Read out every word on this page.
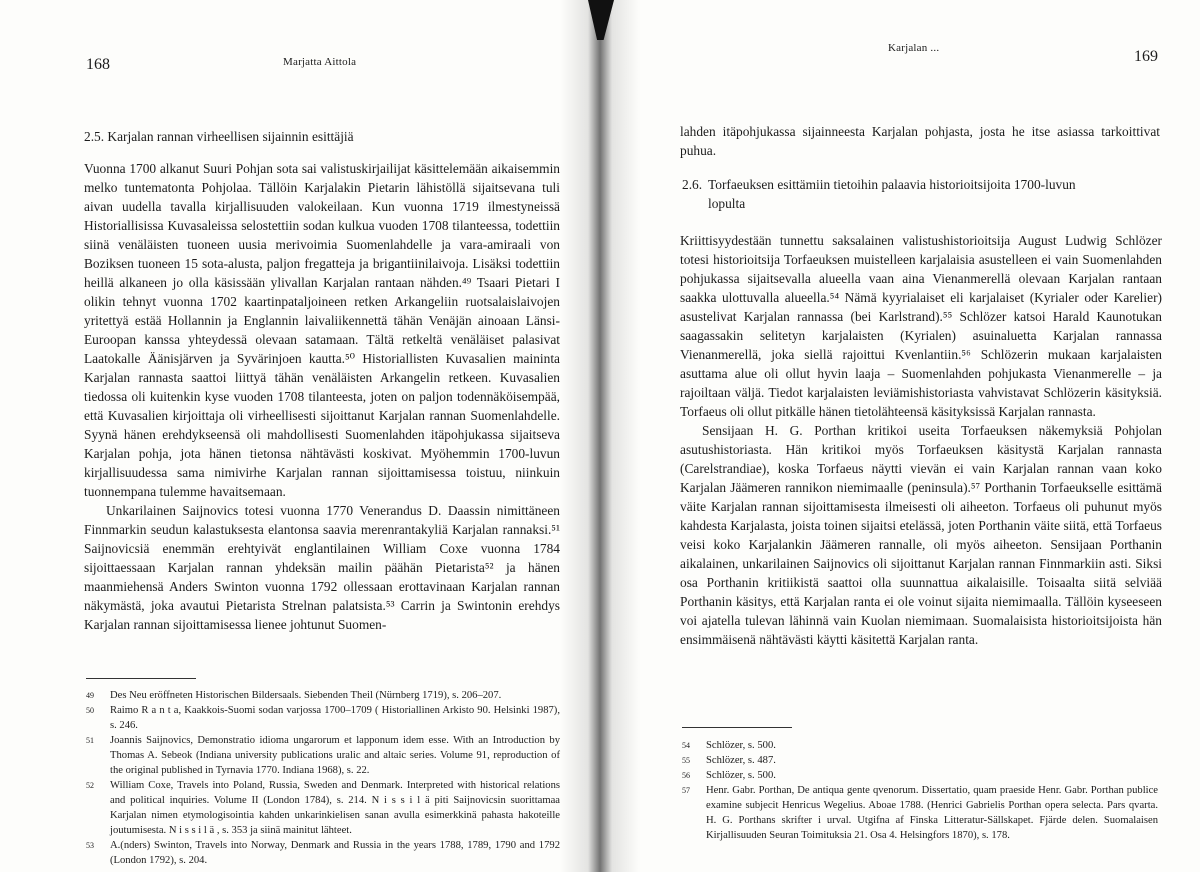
168	Marjatta Aittola
2.5. Karjalan rannan virheellisen sijainnin esittäjiä

Vuonna 1700 alkanut Suuri Pohjan sota sai valistuskirjailijat käsittelemään aikaisemmin melko tuntematonta Pohjolaa. Tällöin Karjalakin Pietarin lähistöllä sijaitsevana tuli aivan uudella tavalla kirjallisuuden valokeilaan. Kun vuonna 1719 ilmestyneissä Historiallisissa Kuvasaleissa selostettiin sodan kulkua vuoden 1708 tilanteessa, todettiin siinä venäläisten tuoneen uusia merivoimia Suomenlahdelle ja vara-amiraali von Boziksen tuoneen 15 sota-alusta, paljon fregatteja ja brigantiinilaivoja. Lisäksi todettiin heillä alkaneen jo olla käsissään ylivallan Karjalan rantaan nähden.⁴⁹ Tsaari Pietari I olikin tehnyt vuonna 1702 kaartinpataljoineen retken Arkangeliin ruotsalaislaivojen yritettyä estää Hollannin ja Englannin laivaliikennettä tähän Venäjän ainoaan Länsi-Euroopan kanssa yhteydessä olevaan satamaan. Tältä retkeltä venäläiset palasivat Laatokalle Äänisjärven ja Syvärinjoen kautta.⁵⁰ Historiallisten Kuvasalien maininta Karjalan rannasta saattoi liittyä tähän venäläisten Arkangelin retkeen. Kuvasalien tiedossa oli kuitenkin kyse vuoden 1708 tilanteesta, joten on paljon todennäköisempää, että Kuvasalien kirjoittaja oli virheellisesti sijoittanut Karjalan rannan Suomenlahdelle. Syynä hänen erehdykseensä oli mahdollisesti Suomenlahden itäpohjukassa sijaitseva Karjalan pohja, jota hänen tietonsa nähtävästi koskivat. Myöhemmin 1700-luvun kirjallisuudessa sama nimivirhe Karjalan rannan sijoittamisessa toistuu, niinkuin tuonnempana tulemme havaitsemaan.

Unkarilainen Saijnovics totesi vuonna 1770 Venerandus D. Daassin nimittäneen Finnmarkin seudun kalastuksesta elantonsa saavia merenrantakyliä Karjalan rannaksi.⁵¹ Saijnovicsiä enemmän erehtyivät englantilainen William Coxe vuonna 1784 sijoittaessaan Karjalan rannan yhdeksän mailin päähän Pietarista⁵² ja hänen maanmiehensä Anders Swinton vuonna 1792 ollessaan erottavinaan Karjalan rannan näkymästä, joka avautui Pietarista Strelnan palatsista.⁵³ Carrin ja Swintonin erehdys Karjalan rannan sijoittamisessa lienee johtunut Suomen-

49 Des Neu eröffneten Historischen Bildersaals. Siebenden Theil (Nürnberg 1719), s. 206–207.
50 Raimo R a n t a, Kaakkois-Suomi sodan varjossa 1700–1709 ( Historiallinen Arkisto 90. Helsinki 1987), s. 246.
51 Joannis Saijnovics, Demonstratio idioma ungarorum et lapponum idem esse. With an Introduction by Thomas A. Sebeok (Indiana university publications uralic and altaic series. Volume 91, reproduction of the original published in Tyrnavia 1770. Indiana 1968), s. 22.
52 William Coxe, Travels into Poland, Russia, Sweden and Denmark. Interpreted with historical relations and political inquiries. Volume II (London 1784), s. 214. N i s s i l ä piti Saijnovicsin suorittamaa Karjalan nimen etymologisointia kahden unkarinkielisen sanan avulla esimerkkinä pahasta hakoteille joutumisesta. N i s s i l ä , s. 353 ja siinä mainitut lähteet.
53 A.(nders) Swinton, Travels into Norway, Denmark and Russia in the years 1788, 1789, 1790 and 1792 (London 1792), s. 204.
Karjalan ...	169

lahden itäpohjukassa sijainneesta Karjalan pohjasta, josta he itse asiassa tarkoittivat puhua.

2.6. Torfaeuksen esittämiin tietoihin palaavia historioitsijoita 1700-luvun
lopulta

Kriittisyydestään tunnettu saksalainen valistushistorioitsija August Ludwig Schlözer totesi historioitsija Torfaeuksen muistelleen karjalaisia asustelleen ei vain Suomenlahden pohjukassa sijaitsevalla alueella vaan aina Vienanmerellä olevaan Karjalan rantaan saakka ulottuvalla alueella.⁵⁴ Nämä kyyrialaiset eli karjalaiset (Kyrialer oder Karelier) asustelivat Karjalan rannassa (bei Karlstrand).⁵⁵ Schlözer katsoi Harald Kaunotukan saagassakin selitetyn karjalaisten (Kyrialen) asuinaluetta Karjalan rannassa Vienanmerellä, joka siellä rajoittui Kvenlantiin.⁵⁶ Schlözerin mukaan karjalaisten asuttama alue oli ollut hyvin laaja – Suomenlahden pohjukasta Vienanmerelle – ja rajoiltaan väljä. Tiedot karjalaisten leviämishistoriasta vahvistavat Schlözerin käsityksiä. Torfaeus oli ollut pitkälle hänen tietolähteensä käsityksissä Karjalan rannasta.

Sensijaan H. G. Porthan kritikoi useita Torfaeuksen näkemyksiä Pohjolan asutushistoriasta. Hän kritikoi myös Torfaeuksen käsitystä Karjalan rannasta (Carelstrandiae), koska Torfaeus näytti vievän ei vain Karjalan rannan vaan koko Karjalan Jäämeren rannikon niemimaalle (peninsula).⁵⁷ Porthanin Torfaeukselle esittämä väite Karjalan rannan sijoittamisesta ilmeisesti oli aiheeton. Torfaeus oli puhunut myös kahdesta Karjalasta, joista toinen sijaitsi etelässä, joten Porthanin väite siitä, että Torfaeus veisi koko Karjalankin Jäämeren rannalle, oli myös aiheeton. Sensijaan Porthanin aikalainen, unkarilainen Saijnovics oli sijoittanut Karjalan rannan Finnmarkiin asti. Siksi osa Porthanin kritiikistä saattoi olla suunnattua aikalaisille. Toisaalta siitä selviää Porthanin käsitys, että Karjalan ranta ei ole voinut sijaita niemimaalla. Tällöin kyseeseen voi ajatella tulevan lähinnä vain Kuolan niemimaan. Suomalaisista historioitsijoista hän ensimmäisenä nähtävästi käytti käsitettä Karjalan ranta.

54 Schlözer, s. 500.
55 Schlözer, s. 487.
56 Schlözer, s. 500.
57 Henr. Gabr. Porthan, De antiqua gente qvenorum. Dissertatio, quam praeside Henr. Gabr. Porthan publice examine subjecit Henricus Wegelius. Aboae 1788. (Henrici Gabrielis Porthan opera selecta. Pars qvarta. H. G. Porthans skrifter i urval. Utgifna af Finska Litteratur-Sällskapet. Fjärde delen. Suomalaisen Kirjallisuuden Seuran Toimituksia 21. Osa 4. Helsingfors 1870), s. 178.
